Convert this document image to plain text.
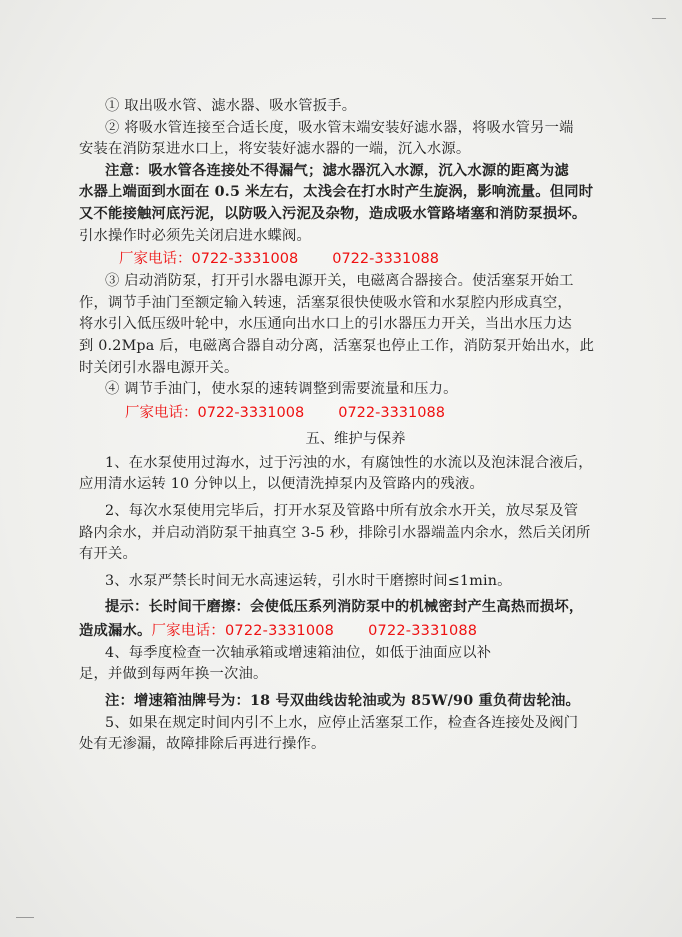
① 取出吸水管、滤水器、吸水管扳手。
② 将吸水管连接至合适长度，吸水管末端安装好滤水器，将吸水管另一端
安装在消防泵进水口上，将安装好滤水器的一端，沉入水源。
注意：吸水管各连接处不得漏气；滤水器沉入水源，沉入水源的距离为滤
水器上端面到水面在 0.5 米左右，太浅会在打水时产生旋涡，影响流量。但同时
又不能接触河底污泥，以防吸入污泥及杂物，造成吸水管路堵塞和消防泵损坏。
引水操作时必须先关闭启进水蝶阀。
厂家电话：0722-3331008 0722-3331088
③ 启动消防泵，打开引水器电源开关，电磁离合器接合。使活塞泵开始工
作，调节手油门至额定输入转速，活塞泵很快使吸水管和水泵腔内形成真空，
将水引入低压级叶轮中，水压通向出水口上的引水器压力开关，当出水压力达
到 0.2Mpa 后，电磁离合器自动分离，活塞泵也停止工作，消防泵开始出水，此
时关闭引水器电源开关。
④ 调节手油门，使水泵的速转调整到需要流量和压力。
厂家电话：0722-3331008 0722-3331088
五、维护与保养
1、在水泵使用过海水，过于污浊的水，有腐蚀性的水流以及泡沫混合液后，
应用清水运转 10 分钟以上，以便清洗掉泵内及管路内的残液。
2、每次水泵使用完毕后，打开水泵及管路中所有放余水开关，放尽泵及管
路内余水，并启动消防泵干抽真空 3-5 秒，排除引水器端盖内余水，然后关闭所
有开关。
3、水泵严禁长时间无水高速运转，引水时干磨擦时间≤1min。
提示：长时间干磨擦：会使低压系列消防泵中的机械密封产生高热而损坏，
造成漏水。厂家电话：0722-3331008 0722-3331088
4、每季度检查一次轴承箱或增速箱油位，如低于油面应以补
足，并做到每两年换一次油。
注：增速箱油牌号为：18 号双曲线齿轮油或为 85W/90 重负荷齿轮油。
5、如果在规定时间内引不上水，应停止活塞泵工作，检查各连接处及阀门
处有无渗漏，故障排除后再进行操作。
